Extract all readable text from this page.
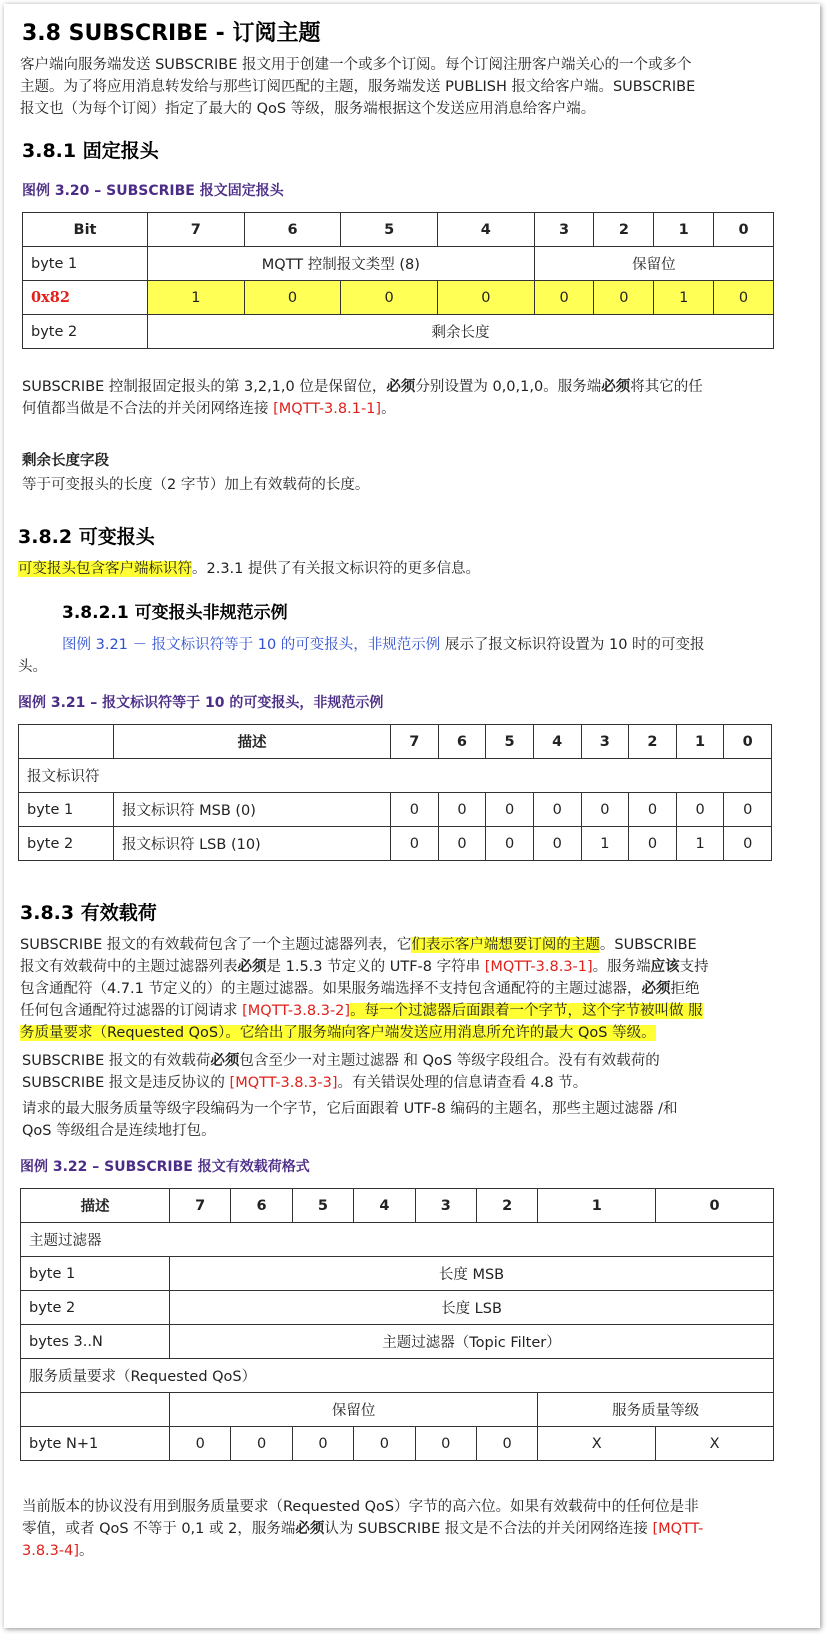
3.8 SUBSCRIBE - 订阅主题

客户端向服务端发送 SUBSCRIBE 报文用于创建一个或多个订阅。每个订阅注册客户端关心的一个或多个
主题。为了将应用消息转发给与那些订阅匹配的主题，服务端发送 PUBLISH 报文给客户端。SUBSCRIBE
报文也（为每个订阅）指定了最大的 QoS 等级，服务端根据这个发送应用消息给客户端。

3.8.1 固定报头
图例 3.20 – SUBSCRIBE 报文固定报头
Bit	7	6	5	4	3	2	1	0
byte 1	MQTT 控制报文类型 (8)				保留位			
0x82	1	0	0	0	0	0	1	0
byte 2	剩余长度							

SUBSCRIBE 控制报固定报头的第 3,2,1,0 位是保留位，必须分别设置为 0,0,1,0。服务端必须将其它的任
何值都当做是不合法的并关闭网络连接 [MQTT-3.8.1-1]。

剩余长度字段

等于可变报头的长度（2 字节）加上有效载荷的长度。

3.8.2 可变报头

可变报头包含客户端标识符。2.3.1 提供了有关报文标识符的更多信息。

3.8.2.1 可变报头非规范示例

图例 3.21 － 报文标识符等于 10 的可变报头，非规范示例 展示了报文标识符设置为 10 时的可变报
头。

图例 3.21 – 报文标识符等于 10 的可变报头，非规范示例
	描述	7	6	5	4	3	2	1	0
报文标识符									
byte 1	报文标识符 MSB (0)	0	0	0	0	0	0	0	0
byte 2	报文标识符 LSB (10)	0	0	0	0	1	0	1	0
3.8.3 有效载荷

SUBSCRIBE 报文的有效载荷包含了一个主题过滤器列表，它们表示客户端想要订阅的主题。SUBSCRIBE
报文有效载荷中的主题过滤器列表必须是 1.5.3 节定义的 UTF-8 字符串 [MQTT-3.8.3-1]。服务端应该支持
包含通配符（4.7.1 节定义的）的主题过滤器。如果服务端选择不支持包含通配符的主题过滤器，必须拒绝
任何包含通配符过滤器的订阅请求 [MQTT-3.8.3-2]。每一个过滤器后面跟着一个字节，这个字节被叫做 服
务质量要求（Requested QoS）。它给出了服务端向客户端发送应用消息所允许的最大 QoS 等级。

SUBSCRIBE 报文的有效载荷必须包含至少一对主题过滤器 和 QoS 等级字段组合。没有有效载荷的
SUBSCRIBE 报文是违反协议的 [MQTT-3.8.3-3]。有关错误处理的信息请查看 4.8 节。

请求的最大服务质量等级字段编码为一个字节，它后面跟着 UTF-8 编码的主题名，那些主题过滤器 /和
QoS 等级组合是连续地打包。

图例 3.22 – SUBSCRIBE 报文有效载荷格式
描述	7	6	5	4	3	2	1	0
主题过滤器								
byte 1	长度 MSB							
byte 2	长度 LSB							
bytes 3..N	主题过滤器（Topic Filter）							
服务质量要求（Requested QoS）								
	保留位						服务质量等级	
byte N+1	0	0	0	0	0	0	X	X

当前版本的协议没有用到服务质量要求（Requested QoS）字节的高六位。如果有效载荷中的任何位是非
零值，或者 QoS 不等于 0,1 或 2，服务端必须认为 SUBSCRIBE 报文是不合法的并关闭网络连接 [MQTT-
3.8.3-4]。
